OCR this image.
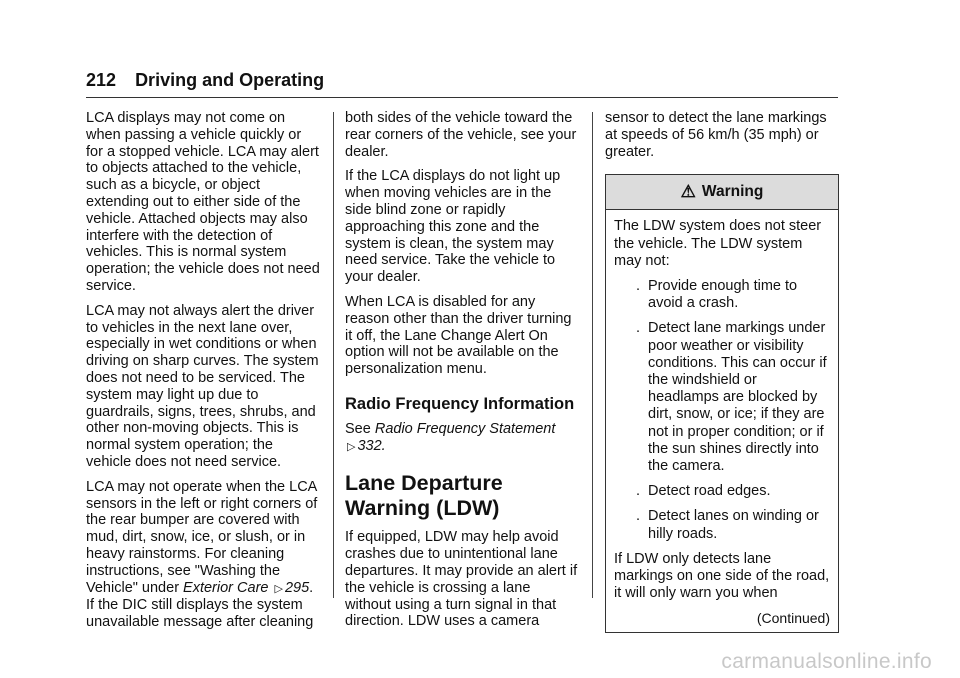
212 Driving and Operating

LCA displays may not come on when passing a vehicle quickly or for a stopped vehicle. LCA may alert to objects attached to the vehicle, such as a bicycle, or object extending out to either side of the vehicle. Attached objects may also interfere with the detection of vehicles. This is normal system operation; the vehicle does not need service.

LCA may not always alert the driver to vehicles in the next lane over, especially in wet conditions or when driving on sharp curves. The system does not need to be serviced. The system may light up due to guardrails, signs, trees, shrubs, and other non-moving objects. This is normal system operation; the vehicle does not need service.

LCA may not operate when the LCA sensors in the left or right corners of the rear bumper are covered with mud, dirt, snow, ice, or slush, or in heavy rainstorms. For cleaning instructions, see "Washing the Vehicle" under Exterior Care ▷ 295. If the DIC still displays the system unavailable message after cleaning

both sides of the vehicle toward the rear corners of the vehicle, see your dealer.

If the LCA displays do not light up when moving vehicles are in the side blind zone or rapidly approaching this zone and the system is clean, the system may need service. Take the vehicle to your dealer.

When LCA is disabled for any reason other than the driver turning it off, the Lane Change Alert On option will not be available on the personalization menu.

Radio Frequency Information

See Radio Frequency Statement ▷ 332.

Lane Departure Warning (LDW)

If equipped, LDW may help avoid crashes due to unintentional lane departures. It may provide an alert if the vehicle is crossing a lane without using a turn signal in that direction. LDW uses a camera

sensor to detect the lane markings at speeds of 56 km/h (35 mph) or greater.

⚠ Warning

The LDW system does not steer the vehicle. The LDW system may not:

. Provide enough time to avoid a crash.
. Detect lane markings under poor weather or visibility conditions. This can occur if the windshield or headlamps are blocked by dirt, snow, or ice; if they are not in proper condition; or if the sun shines directly into the camera.
. Detect road edges.
. Detect lanes on winding or hilly roads.

If LDW only detects lane markings on one side of the road, it will only warn you when

(Continued)

carmanualsonline.info
